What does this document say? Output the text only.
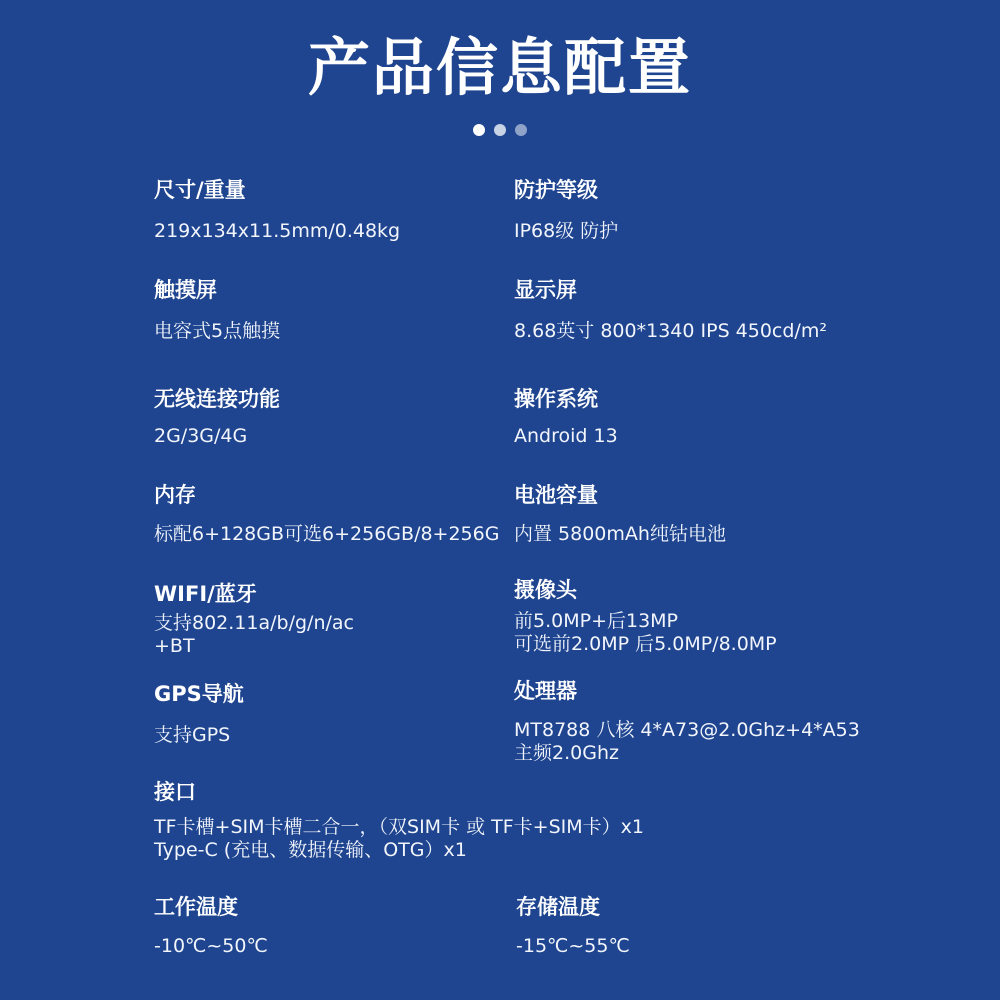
产品信息配置
尺寸/重量
219x134x11.5mm/0.48kg
防护等级
IP68级 防护
触摸屏
电容式5点触摸
显示屏
8.68英寸 800*1340 IPS 450cd/m²
无线连接功能
2G/3G/4G
操作系统
Android 13
内存
标配6+128GB可选6+256GB/8+256G
电池容量
内置 5800mAh纯钴电池
WIFI/蓝牙
支持802.11a/b/g/n/ac
+BT
摄像头
前5.0MP+后13MP
可选前2.0MP 后5.0MP/8.0MP
GPS导航
支持GPS
处理器
MT8788 八核 4*A73@2.0Ghz+4*A53
主频2.0Ghz
接口
TF卡槽+SIM卡槽二合一，（双SIM卡 或 TF卡+SIM卡）x1
Type-C (充电、数据传输、OTG）x1
工作温度
-10℃~50℃
存储温度
-15℃~55℃
